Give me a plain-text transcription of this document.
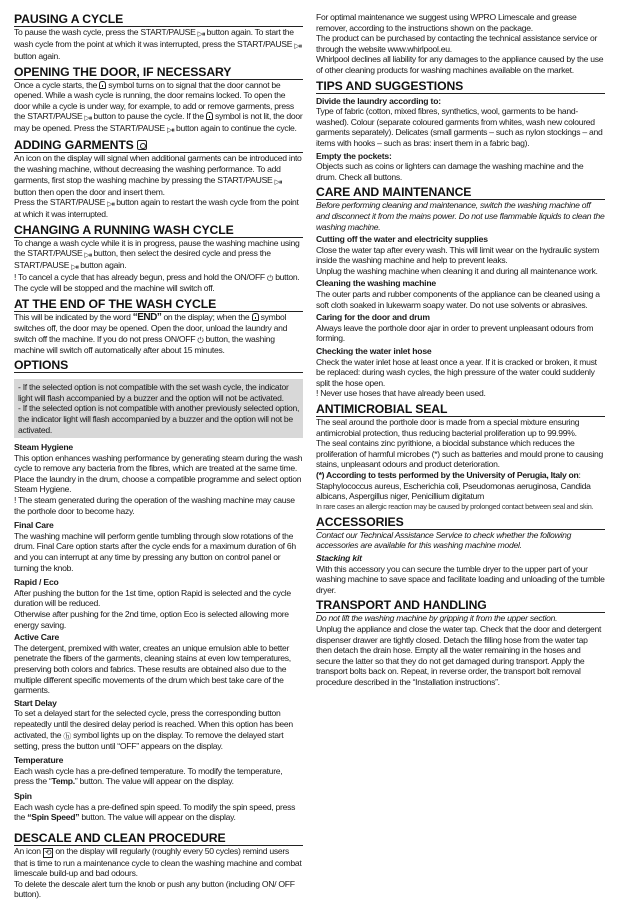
PAUSING A CYCLE

To pause the wash cycle, press the START/PAUSE ▷⏸ button again. To start the wash cycle from the point at which it was interrupted, press the START/PAUSE ▷⏸ button again.

OPENING THE DOOR, IF NECESSARY

Once a cycle starts, the symbol turns on to signal that the door cannot be opened. While a wash cycle is running, the door remains locked. To open the door while a cycle is under way, for example, to add or remove garments, press the START/PAUSE ▷⏸ button to pause the cycle. If the symbol is not lit, the door may be opened. Press the START/PAUSE ▷⏸ button again to continue the cycle.

ADDING GARMENTS

An icon on the display will signal when additional garments can be introduced into the washing machine, without decreasing the washing performance. To add garments, first stop the washing machine by pressing the START/PAUSE ▷⏸ button then open the door and insert them.

Press the START/PAUSE ▷⏸ button again to restart the wash cycle from the point at which it was interrupted.

CHANGING A RUNNING WASH CYCLE

To change a wash cycle while it is in progress, pause the washing machine using the START/PAUSE ▷⏸ button, then select the desired cycle and press the START/PAUSE ▷⏸ button again.

! To cancel a cycle that has already begun, press and hold the ON/OFF ⏻ button. The cycle will be stopped and the machine will switch off.

AT THE END OF THE WASH CYCLE

This will be indicated by the word “END” on the display; when the symbol switches off, the door may be opened. Open the door, unload the laundry and switch off the machine. If you do not press ON/OFF ⏻ button, the washing machine will switch off automatically after about 15 minutes.

OPTIONS

- If the selected option is not compatible with the set wash cycle, the indicator light will flash accompanied by a buzzer and the option will not be activated.

- If the selected option is not compatible with another previously selected option, the indicator light will flash accompanied by a buzzer and the option will not be activated.

Steam Hygiene

This option enhances washing performance by generating steam during the wash cycle to remove any bacteria from the fibres, which are treated at the same time. Place the laundry in the drum, choose a compatible programme and select option Steam Hygiene.

! The steam generated during the operation of the washing machine may cause the porthole door to become hazy.

Final Care

The washing machine will perform gentle tumbling through slow rotations of the drum. Final Care option starts after the cycle ends for a maximum duration of 6h and you can interrupt at any time by pressing any button on control panel or turning the knob.

Rapid / Eco

After pushing the button for the 1st time, option Rapid is selected and the cycle duration will be reduced.

Otherwise after pushing for the 2nd time, option Eco is selected allowing more energy saving.

Active Care

The detergent, premixed with water, creates an unique emulsion able to better penetrate the fibers of the garments, cleaning stains at even low temperatures, preserving both colors and fabrics. These results are obtained also due to the multiple different specific movements of the drum which best take care of the garments.

Start Delay

To set a delayed start for the selected cycle, press the corresponding button repeatedly until the desired delay period is reached. When this option has been activated, the ⓗ symbol lights up on the display. To remove the delayed start setting, press the button until “OFF” appears on the display.

Temperature

Each wash cycle has a pre-defined temperature. To modify the temperature, press the “Temp.” button. The value will appear on the display.

Spin

Each wash cycle has a pre-defined spin speed. To modify the spin speed, press the “Spin Speed” button. The value will appear on the display.

DESCALE AND CLEAN PROCEDURE

An icon ⟲ on the display will regularly (roughly every 50 cycles) remind users that is time to run a maintenance cycle to clean the washing machine and combat limescale build-up and bad odours.

To delete the descale alert turn the knob or push any button (including ON/ OFF button).

For optimal maintenance we suggest using WPRO Limescale and grease remover, according to the instructions shown on the package.

The product can be purchased by contacting the technical assistance service or through the website www.whirlpool.eu.

Whirlpool declines all liability for any damages to the appliance caused by the use of other cleaning products for washing machines available on the market.

TIPS AND SUGGESTIONS
Divide the laundry according to:

Type of fabric (cotton, mixed fibres, synthetics, wool, garments to be hand-washed). Colour (separate coloured garments from whites, wash new coloured garments separately). Delicates (small garments – such as nylon stockings – and items with hooks – such as bras: insert them in a fabric bag).

Empty the pockets:

Objects such as coins or lighters can damage the washing machine and the drum. Check all buttons.

CARE AND MAINTENANCE

Before performing cleaning and maintenance, switch the washing machine off and disconnect it from the mains power. Do not use flammable liquids to clean the washing machine.

Cutting off the water and electricity supplies

Close the water tap after every wash. This will limit wear on the hydraulic system inside the washing machine and help to prevent leaks.

Unplug the washing machine when cleaning it and during all maintenance work.

Cleaning the washing machine

The outer parts and rubber components of the appliance can be cleaned using a soft cloth soaked in lukewarm soapy water. Do not use solvents or abrasives.

Caring for the door and drum

Always leave the porthole door ajar in order to prevent unpleasant odours from forming.

Checking the water inlet hose

Check the water inlet hose at least once a year. If it is cracked or broken, it must be replaced: during wash cycles, the high pressure of the water could suddenly split the hose open.

! Never use hoses that have already been used.

ANTIMICROBIAL SEAL

The seal around the porthole door is made from a special mixture ensuring antimicrobial protection, thus reducing bacterial proliferation up to 99.99%.

The seal contains zinc pyrithione, a biocidal substance which reduces the proliferation of harmful microbes (*) such as batteries and mould prone to causing stains, unpleasant odours and product deterioration.

(*) According to tests performed by the University of Perugia, Italy on: Staphylococcus aureus, Escherichia coli, Pseudomonas aeruginosa, Candida albicans, Aspergillus niger, Penicillium digitatum

In rare cases an allergic reaction may be caused by prolonged contact between seal and skin.

ACCESSORIES

Contact our Technical Assistance Service to check whether the following accessories are available for this washing machine model.

Stacking kit

With this accessory you can secure the tumble dryer to the upper part of your washing machine to save space and facilitate loading and unloading of the tumble dryer.

TRANSPORT AND HANDLING

Do not lift the washing machine by gripping it from the upper section.

Unplug the appliance and close the water tap. Check that the door and detergent dispenser drawer are tightly closed. Detach the filling hose from the water tap then detach the drain hose. Empty all the water remaining in the hoses and secure the latter so that they do not get damaged during transport. Apply the transport bolts back on. Repeat, in reverse order, the transport bolt removal procedure described in the “Installation instructions”.
